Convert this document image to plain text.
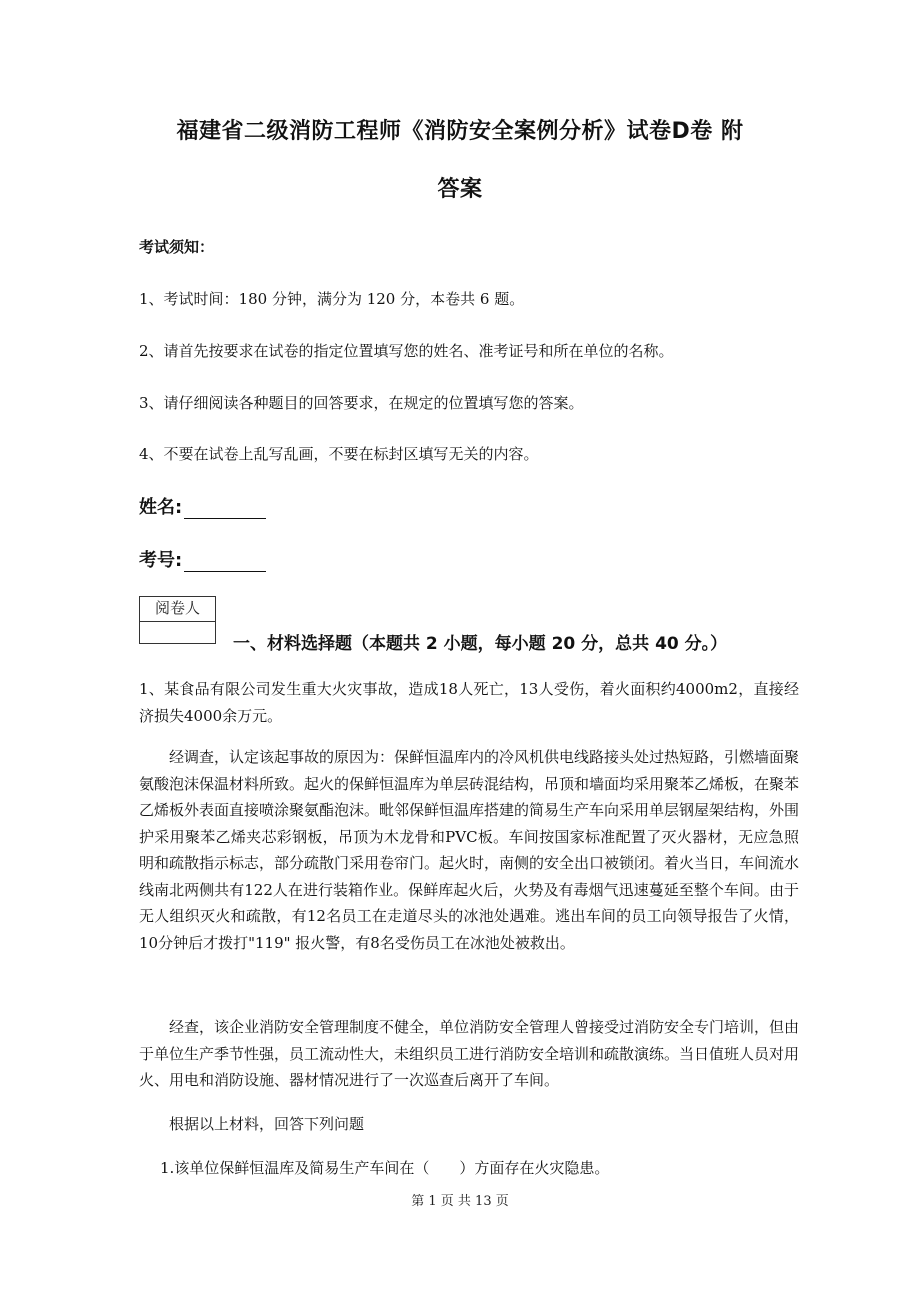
福建省二级消防工程师《消防安全案例分析》试卷D卷 附
答案
考试须知：
1、考试时间：180 分钟，满分为 120 分，本卷共 6 题。
2、请首先按要求在试卷的指定位置填写您的姓名、准考证号和所在单位的名称。
3、请仔细阅读各种题目的回答要求，在规定的位置填写您的答案。
4、不要在试卷上乱写乱画，不要在标封区填写无关的内容。
姓名:
考号:
阅卷人
一、材料选择题（本题共 2 小题，每小题 20 分，总共 40 分。）

1、某食品有限公司发生重大火灾事故，造成18人死亡，13人受伤，着火面积约4000m2，直接经济损失4000余万元。

经调查，认定该起事故的原因为：保鲜恒温库内的冷风机供电线路接头处过热短路，引燃墙面聚氨酸泡沫保温材料所致。起火的保鲜恒温库为单层砖混结构，吊顶和墙面均采用聚苯乙烯板，在聚苯乙烯板外表面直接喷涂聚氨酯泡沫。毗邻保鲜恒温库搭建的简易生产车向采用单层钢屋架结构，外围护采用聚苯乙烯夹芯彩钢板，吊顶为木龙骨和PVC板。车间按国家标准配置了灭火器材，无应急照明和疏散指示标志，部分疏散门采用卷帘门。起火时，南侧的安全出口被锁闭。着火当日，车间流水线南北两侧共有122人在进行装箱作业。保鲜库起火后，火势及有毒烟气迅速蔓延至整个车间。由于无人组织灭火和疏散，有12名员工在走道尽头的冰池处遇难。逃出车间的员工向领导报告了火情，10分钟后才拨打"119" 报火警，有8名受伤员工在冰池处被救出。

经查，该企业消防安全管理制度不健全，单位消防安全管理人曾接受过消防安全专门培训，但由于单位生产季节性强，员工流动性大，未组织员工进行消防安全培训和疏散演练。当日值班人员对用火、用电和消防设施、器材情况进行了一次巡查后离开了车间。

根据以上材料，回答下列问题

1.该单位保鲜恒温库及简易生产车间在（　　）方面存在火灾隐患。

第 1 页 共 13 页
